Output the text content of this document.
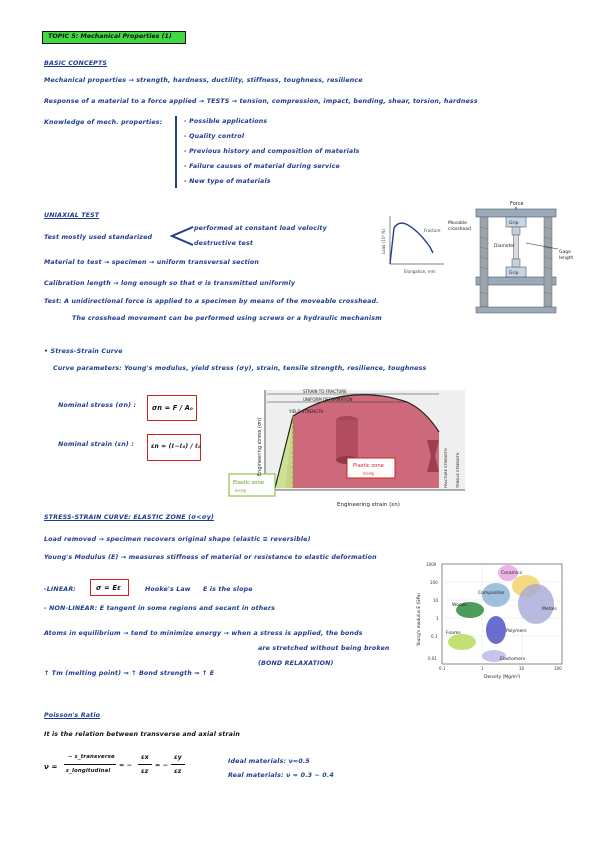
TOPIC 5: Mechanical Properties (1)
BASIC CONCEPTS
Mechanical properties → strength, hardness, ductility, stiffness, toughness, resilience
Response of a material to a force applied → TESTS → tension, compression, impact, bending, shear, torsion, hardness
Knowledge of mech. properties:	- Possible applications
- Quality control
- Previous history and composition of materials
- Failure causes of material during service
- New type of materials
UNIAXIAL TEST
Test mostly used standarized
performed at constant load velocity
destructive test
Material to test → specimen → uniform transversal section
Calibration length → long enough so that σ is transmitted uniformly
Test: A unidirectional force is applied to a specimen by means of the moveable crosshead.
The crosshead movement can be performed using screws or a hydraulic mechanism
Fracture
Elongation, mm
Load (10³ N)
Force
Grip
Grip
Diameter
Movable
crosshead
Gage
length
• Stress-Strain Curve
Curve parameters: Young's modulus, yield stress (σy), strain, tensile strength, resilience, toughness
Nominal stress (σn) : σn = F / A₀
Nominal strain (εn) :	εn = (ℓ−ℓ₀) / ℓ₀
STRAIN TO FRACTURE
UNIFORM DEFORMATION
YIELD STRENGTH
FRACTURE STRENGTH TENSILE STRENGTH
Plastic zone
σ>σy
Elastic zone
σ<σy
Engineering strain (εn)
Engineering stress (σn)
STRESS-STRAIN CURVE: ELASTIC ZONE (σ<σy)
Load removed → specimen recovers original shape (elastic ≡ reversible)
Young's Modulus (E) → measures stiffness of material or resistance to elastic deformation
-LINEAR:	σ = Eε	Hooke's Law E is the slope
- NON-LINEAR: E tangent in some regions and secant in others
Atoms in equilibrium → tend to minimize energy → when a stress is applied, the bonds
are stretched without being broken
(BOND RELAXATION)
↑ Tm (melting point) ⇒ ↑ Bond strength ⇒ ↑ E
Ceramics
Composites
Metals
Woods
Polymers
Foams
Elastomers
1000
100
10
1
0.1
0.01
0.1	1	10	100
Density (Mg/m³)
Young's modulus E (GPa)
Poisson's Ratio
It is the relation between transverse and axial strain
ν =
− ε_transverse
ε_longitudinal
= −
εx
εz
= −
εy
εz
Ideal materials: ν=0.5
Real materials: ν = 0.3 − 0.4
